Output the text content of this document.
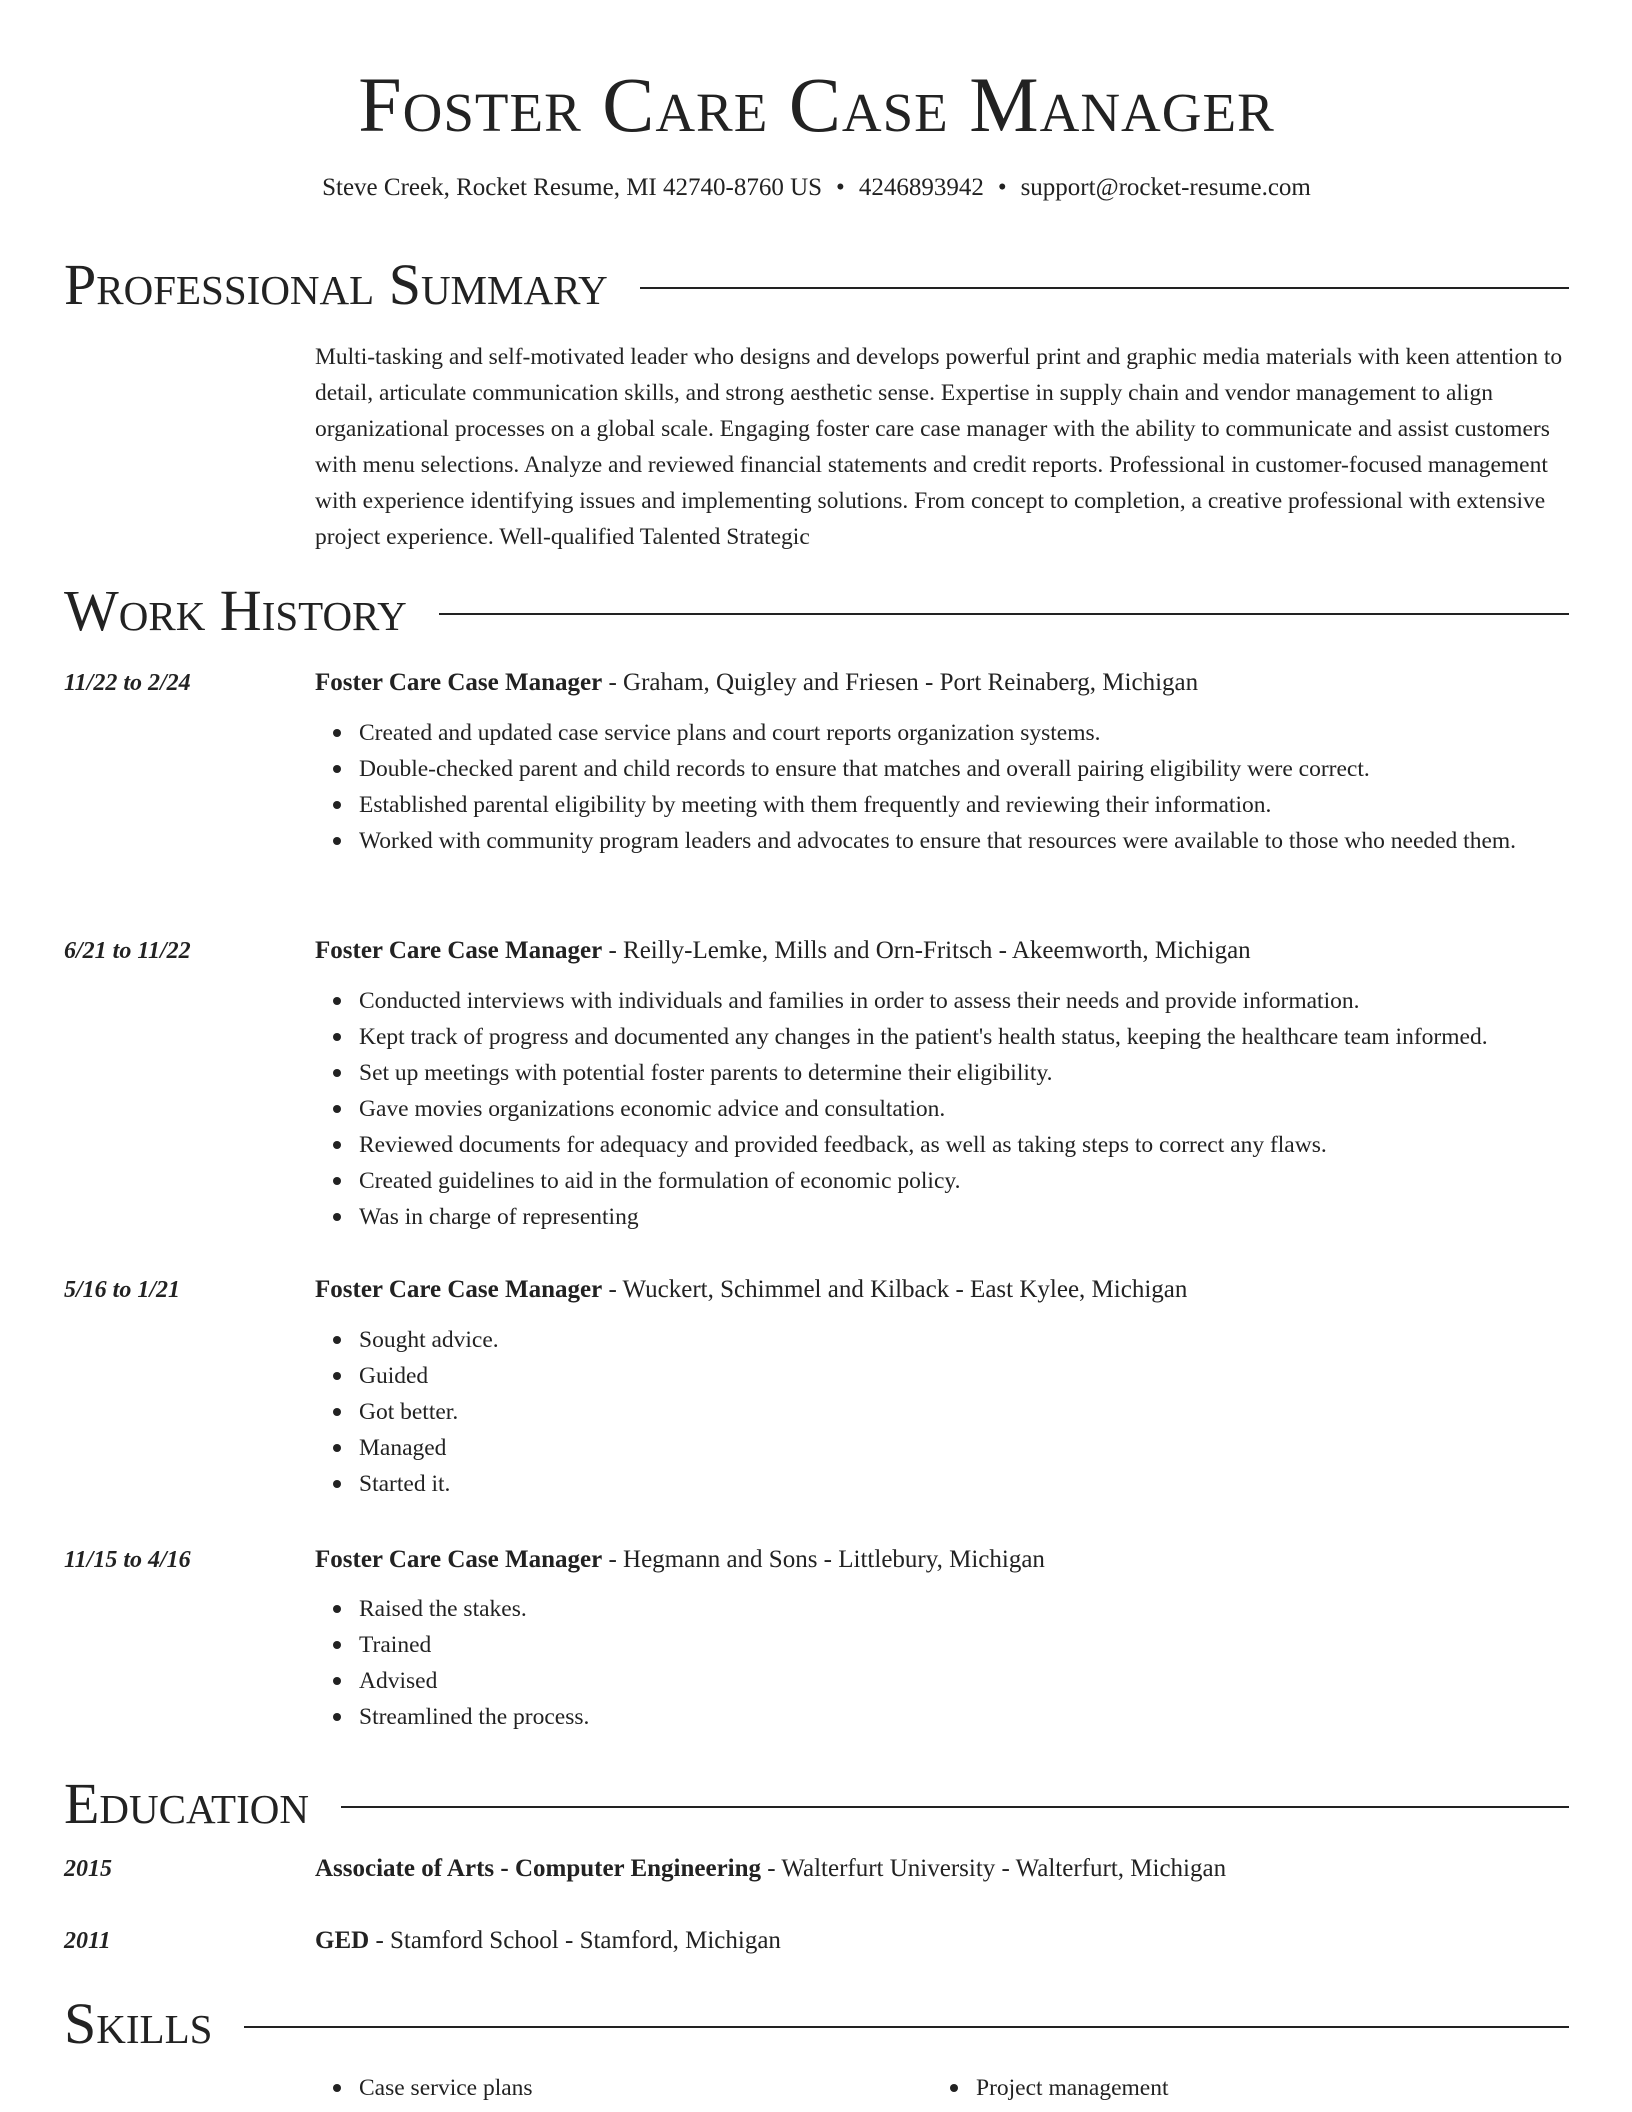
Foster Care Case Manager
Steve Creek, Rocket Resume, MI 42740-8760 US • 4246893942 • support@rocket-resume.com
Professional Summary

Multi-tasking and self-motivated leader who designs and develops powerful print and graphic media materials with keen attention to detail, articulate communication skills, and strong aesthetic sense. Expertise in supply chain and vendor management to align organizational processes on a global scale. Engaging foster care case manager with the ability to communicate and assist customers with menu selections. Analyze and reviewed financial statements and credit reports. Professional in customer-focused management with experience identifying issues and implementing solutions. From concept to completion, a creative professional with extensive project experience. Well-qualified Talented Strategic

Work History
11/22 to 2/24	Foster Care Case Manager - Graham, Quigley and Friesen - Port Reinaberg, Michigan
Created and updated case service plans and court reports organization systems.
Double-checked parent and child records to ensure that matches and overall pairing eligibility were correct.
Established parental eligibility by meeting with them frequently and reviewing their information.
Worked with community program leaders and advocates to ensure that resources were available to those who needed them.
6/21 to 11/22	Foster Care Case Manager - Reilly-Lemke, Mills and Orn-Fritsch - Akeemworth, Michigan
Conducted interviews with individuals and families in order to assess their needs and provide information.
Kept track of progress and documented any changes in the patient's health status, keeping the healthcare team informed.
Set up meetings with potential foster parents to determine their eligibility.
Gave movies organizations economic advice and consultation.
Reviewed documents for adequacy and provided feedback, as well as taking steps to correct any flaws.
Created guidelines to aid in the formulation of economic policy.
Was in charge of representing
5/16 to 1/21	Foster Care Case Manager - Wuckert, Schimmel and Kilback - East Kylee, Michigan
Sought advice.
Guided
Got better.
Managed
Started it.
11/15 to 4/16	Foster Care Case Manager - Hegmann and Sons - Littlebury, Michigan
Raised the stakes.
Trained
Advised
Streamlined the process.
Education
2015	Associate of Arts - Computer Engineering - Walterfurt University - Walterfurt, Michigan
2011	GED - Stamford School - Stamford, Michigan
Skills
Case service plans	Project management
